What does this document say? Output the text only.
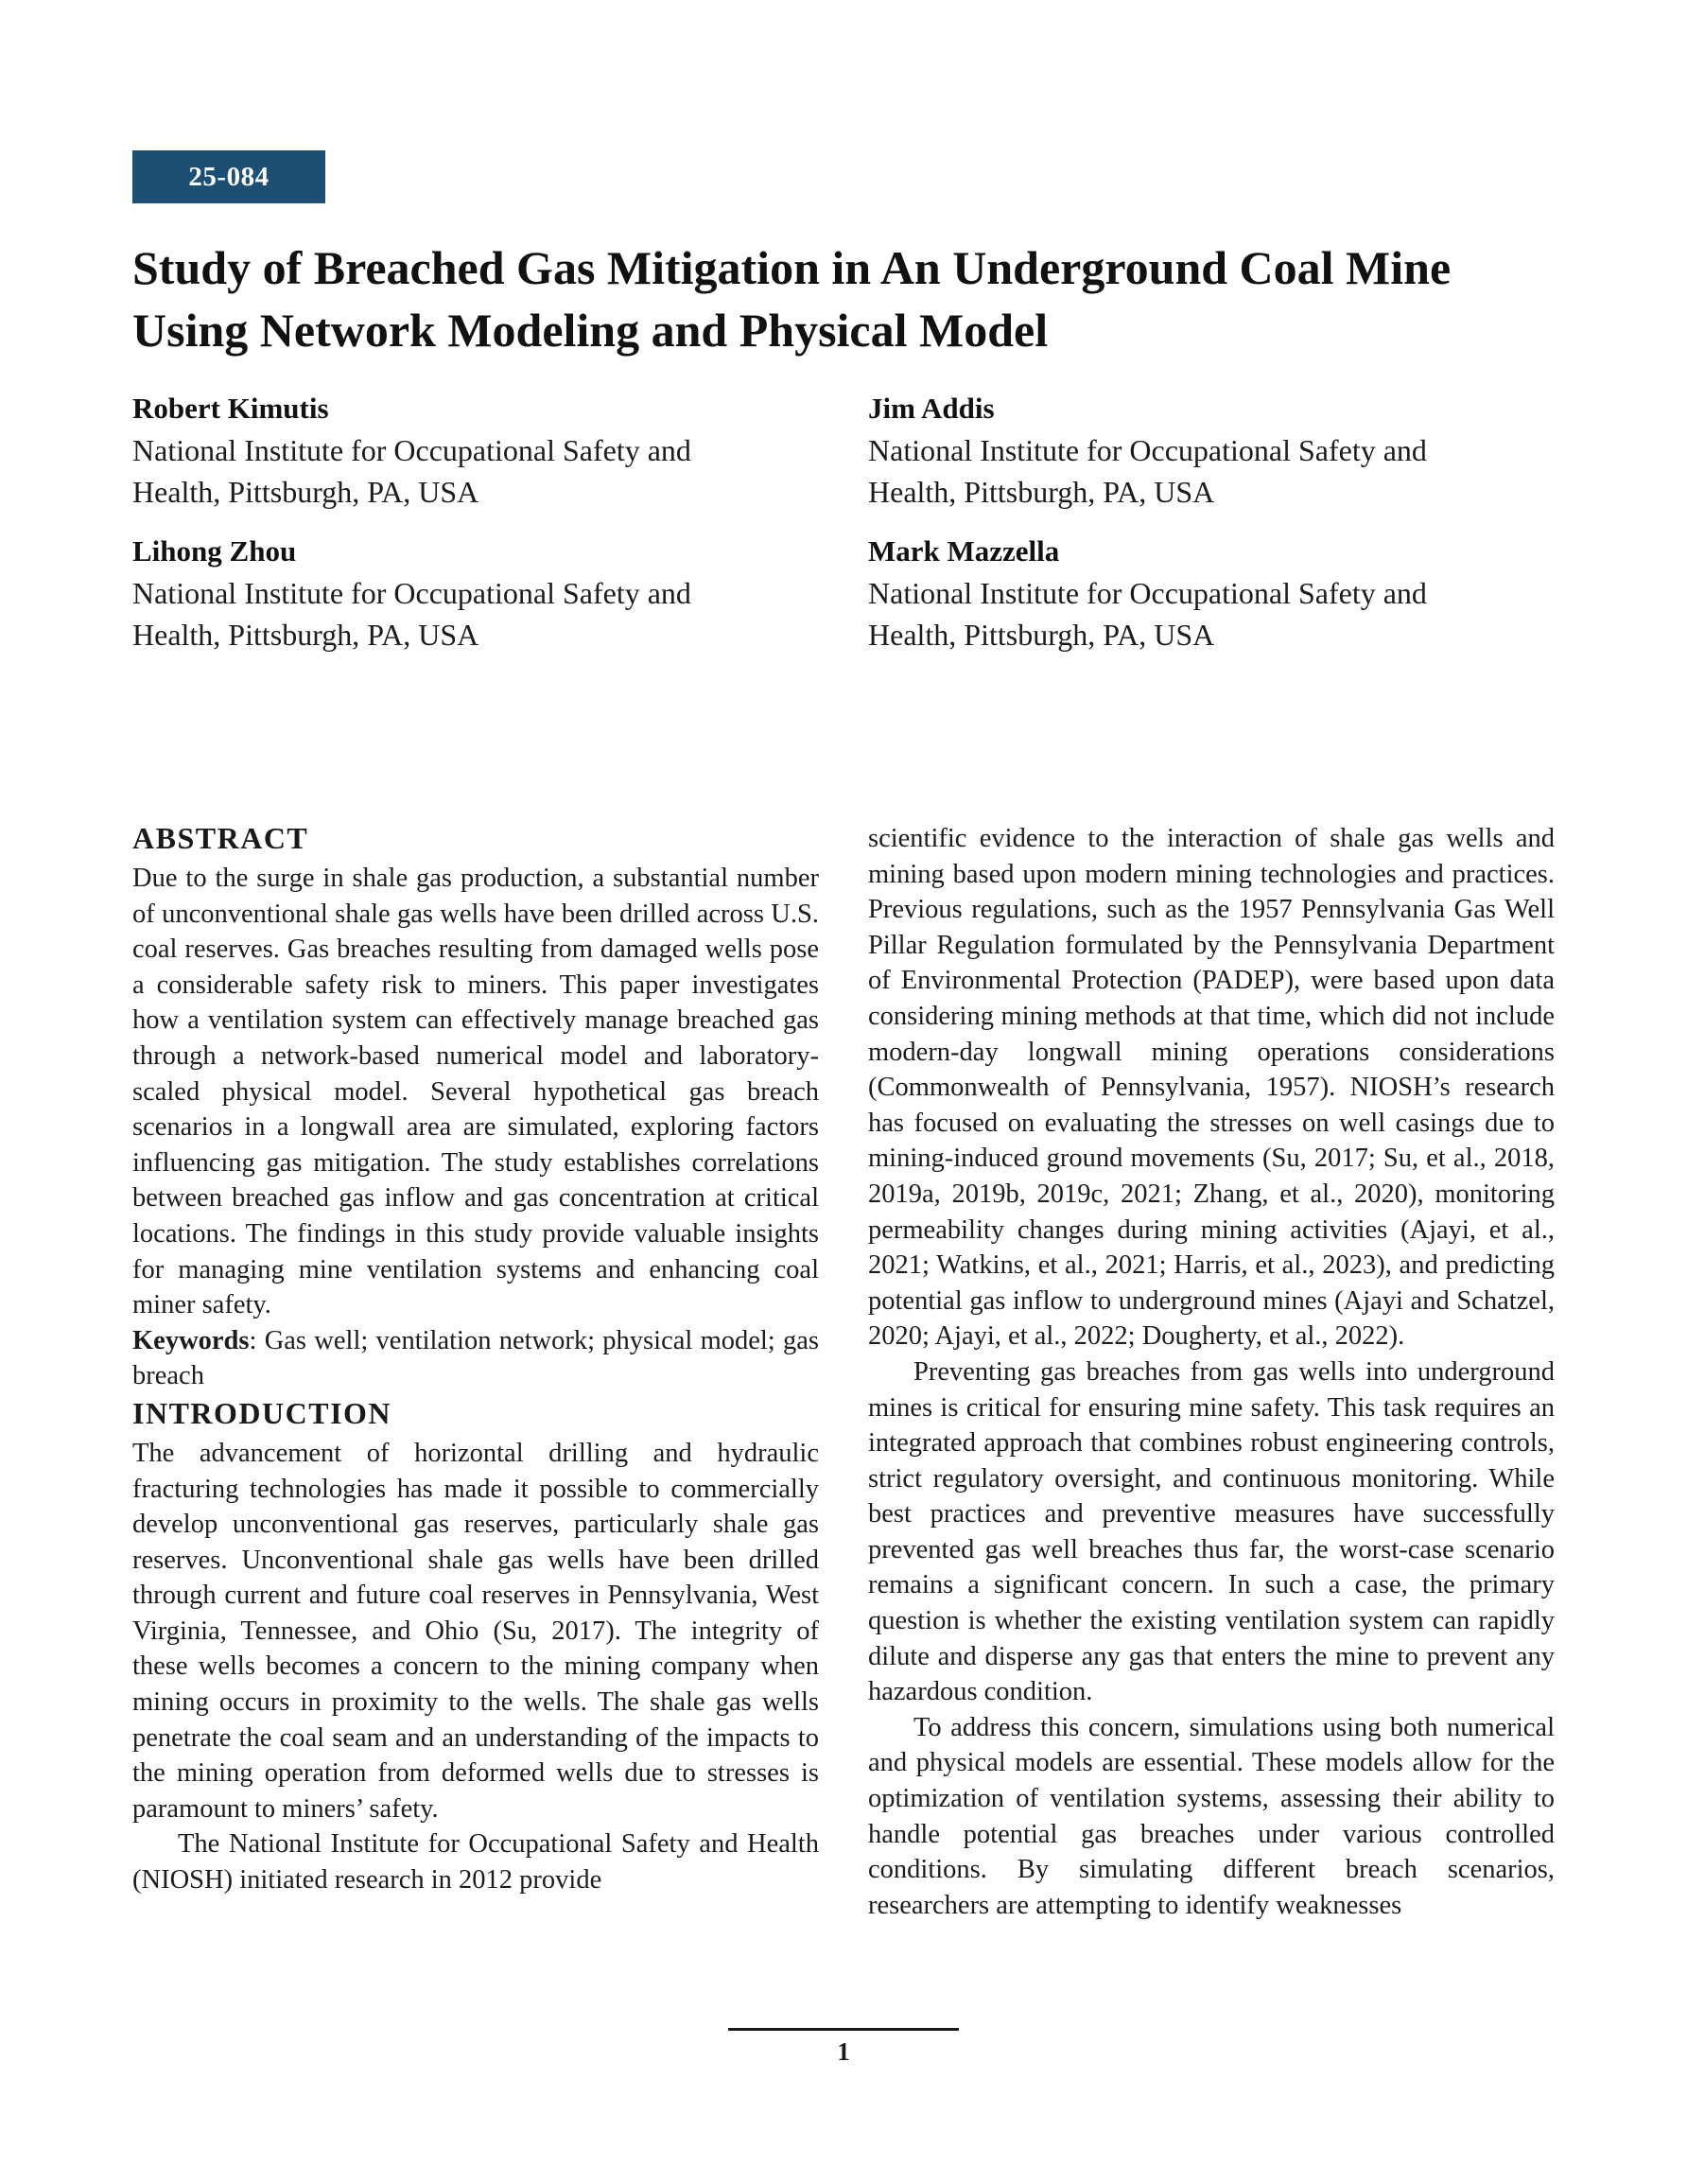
25-084
Study of Breached Gas Mitigation in An Underground Coal Mine
Using Network Modeling and Physical Model
Robert Kimutis
National Institute for Occupational Safety and
Health, Pittsburgh, PA, USA
Jim Addis
National Institute for Occupational Safety and
Health, Pittsburgh, PA, USA
Lihong Zhou
National Institute for Occupational Safety and
Health, Pittsburgh, PA, USA
Mark Mazzella
National Institute for Occupational Safety and
Health, Pittsburgh, PA, USA
ABSTRACT

Due to the surge in shale gas production, a substantial number of unconventional shale gas wells have been drilled across U.S. coal reserves. Gas breaches resulting from damaged wells pose a considerable safety risk to miners. This paper investigates how a ventilation system can effectively manage breached gas through a network-based numerical model and laboratory-scaled physical model. Several hypothetical gas breach scenarios in a longwall area are simulated, exploring factors influencing gas mitigation. The study establishes correlations between breached gas inflow and gas concentration at critical locations. The findings in this study provide valuable insights for managing mine ventilation systems and enhancing coal miner safety.

Keywords: Gas well; ventilation network; physical model; gas breach

INTRODUCTION

The advancement of horizontal drilling and hydraulic fracturing technologies has made it possible to commercially develop unconventional gas reserves, particularly shale gas reserves. Unconventional shale gas wells have been drilled through current and future coal reserves in Pennsylvania, West Virginia, Tennessee, and Ohio (Su, 2017). The integrity of these wells becomes a concern to the mining company when mining occurs in proximity to the wells. The shale gas wells penetrate the coal seam and an understanding of the impacts to the mining operation from deformed wells due to stresses is paramount to miners’ safety.

The National Institute for Occupational Safety and Health (NIOSH) initiated research in 2012 provide

scientific evidence to the interaction of shale gas wells and mining based upon modern mining technologies and practices. Previous regulations, such as the 1957 Pennsylvania Gas Well Pillar Regulation formulated by the Pennsylvania Department of Environmental Protection (PADEP), were based upon data considering mining methods at that time, which did not include modern-day longwall mining operations considerations (Commonwealth of Pennsylvania, 1957). NIOSH’s research has focused on evaluating the stresses on well casings due to mining-induced ground movements (Su, 2017; Su, et al., 2018, 2019a, 2019b, 2019c, 2021; Zhang, et al., 2020), monitoring permeability changes during mining activities (Ajayi, et al., 2021; Watkins, et al., 2021; Harris, et al., 2023), and predicting potential gas inflow to underground mines (Ajayi and Schatzel, 2020; Ajayi, et al., 2022; Dougherty, et al., 2022).

Preventing gas breaches from gas wells into underground mines is critical for ensuring mine safety. This task requires an integrated approach that combines robust engineering controls, strict regulatory oversight, and continuous monitoring. While best practices and preventive measures have successfully prevented gas well breaches thus far, the worst-case scenario remains a significant concern. In such a case, the primary question is whether the existing ventilation system can rapidly dilute and disperse any gas that enters the mine to prevent any hazardous condition.

To address this concern, simulations using both numerical and physical models are essential. These models allow for the optimization of ventilation systems, assessing their ability to handle potential gas breaches under various controlled conditions. By simulating different breach scenarios, researchers are attempting to identify weaknesses

1
